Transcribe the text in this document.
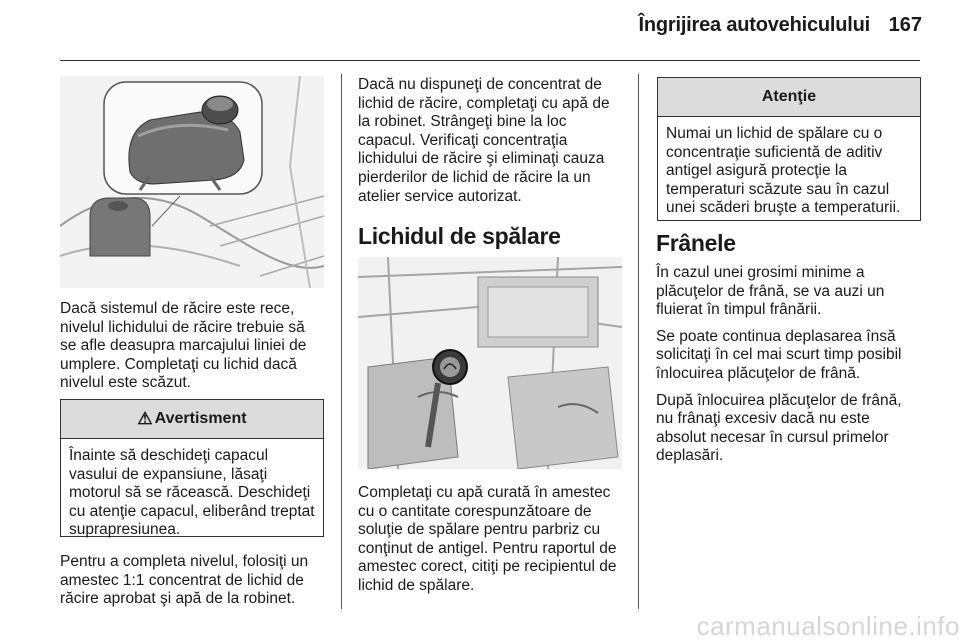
Îngrijirea autovehiculului 167

Dacă sistemul de răcire este rece, nivelul lichidului de răcire trebuie să se afle deasupra marcajului liniei de umplere. Completaţi cu lichid dacă nivelul este scăzut.

⚠ Avertisment
Înainte să deschideţi capacul vasului de expansiune, lăsaţi motorul să se răcească. Deschideţi cu atenţie capacul, eliberând treptat suprapresiunea.

Pentru a completa nivelul, folosiţi un amestec 1:1 concentrat de lichid de răcire aprobat şi apă de la robinet.

Dacă nu dispuneţi de concentrat de lichid de răcire, completaţi cu apă de la robinet. Strângeţi bine la loc capacul. Verificaţi concentraţia lichidului de răcire şi eliminaţi cauza pierderilor de lichid de răcire la un atelier service autorizat.

Lichidul de spălare

Completaţi cu apă curată în amestec cu o cantitate corespunzătoare de soluţie de spălare pentru parbriz cu conţinut de antigel. Pentru raportul de amestec corect, citiţi pe recipientul de lichid de spălare.

Atenţie
Numai un lichid de spălare cu o concentraţie suficientă de aditiv antigel asigură protecţie la temperaturi scăzute sau în cazul unei scăderi bruşte a temperaturii.
Frânele

În cazul unei grosimi minime a plăcuţelor de frână, se va auzi un fluierat în timpul frânării.

Se poate continua deplasarea însă solicitaţi în cel mai scurt timp posibil înlocuirea plăcuţelor de frână.

După înlocuirea plăcuţelor de frână, nu frânaţi excesiv dacă nu este absolut necesar în cursul primelor deplasări.

carmanualsonline.info
